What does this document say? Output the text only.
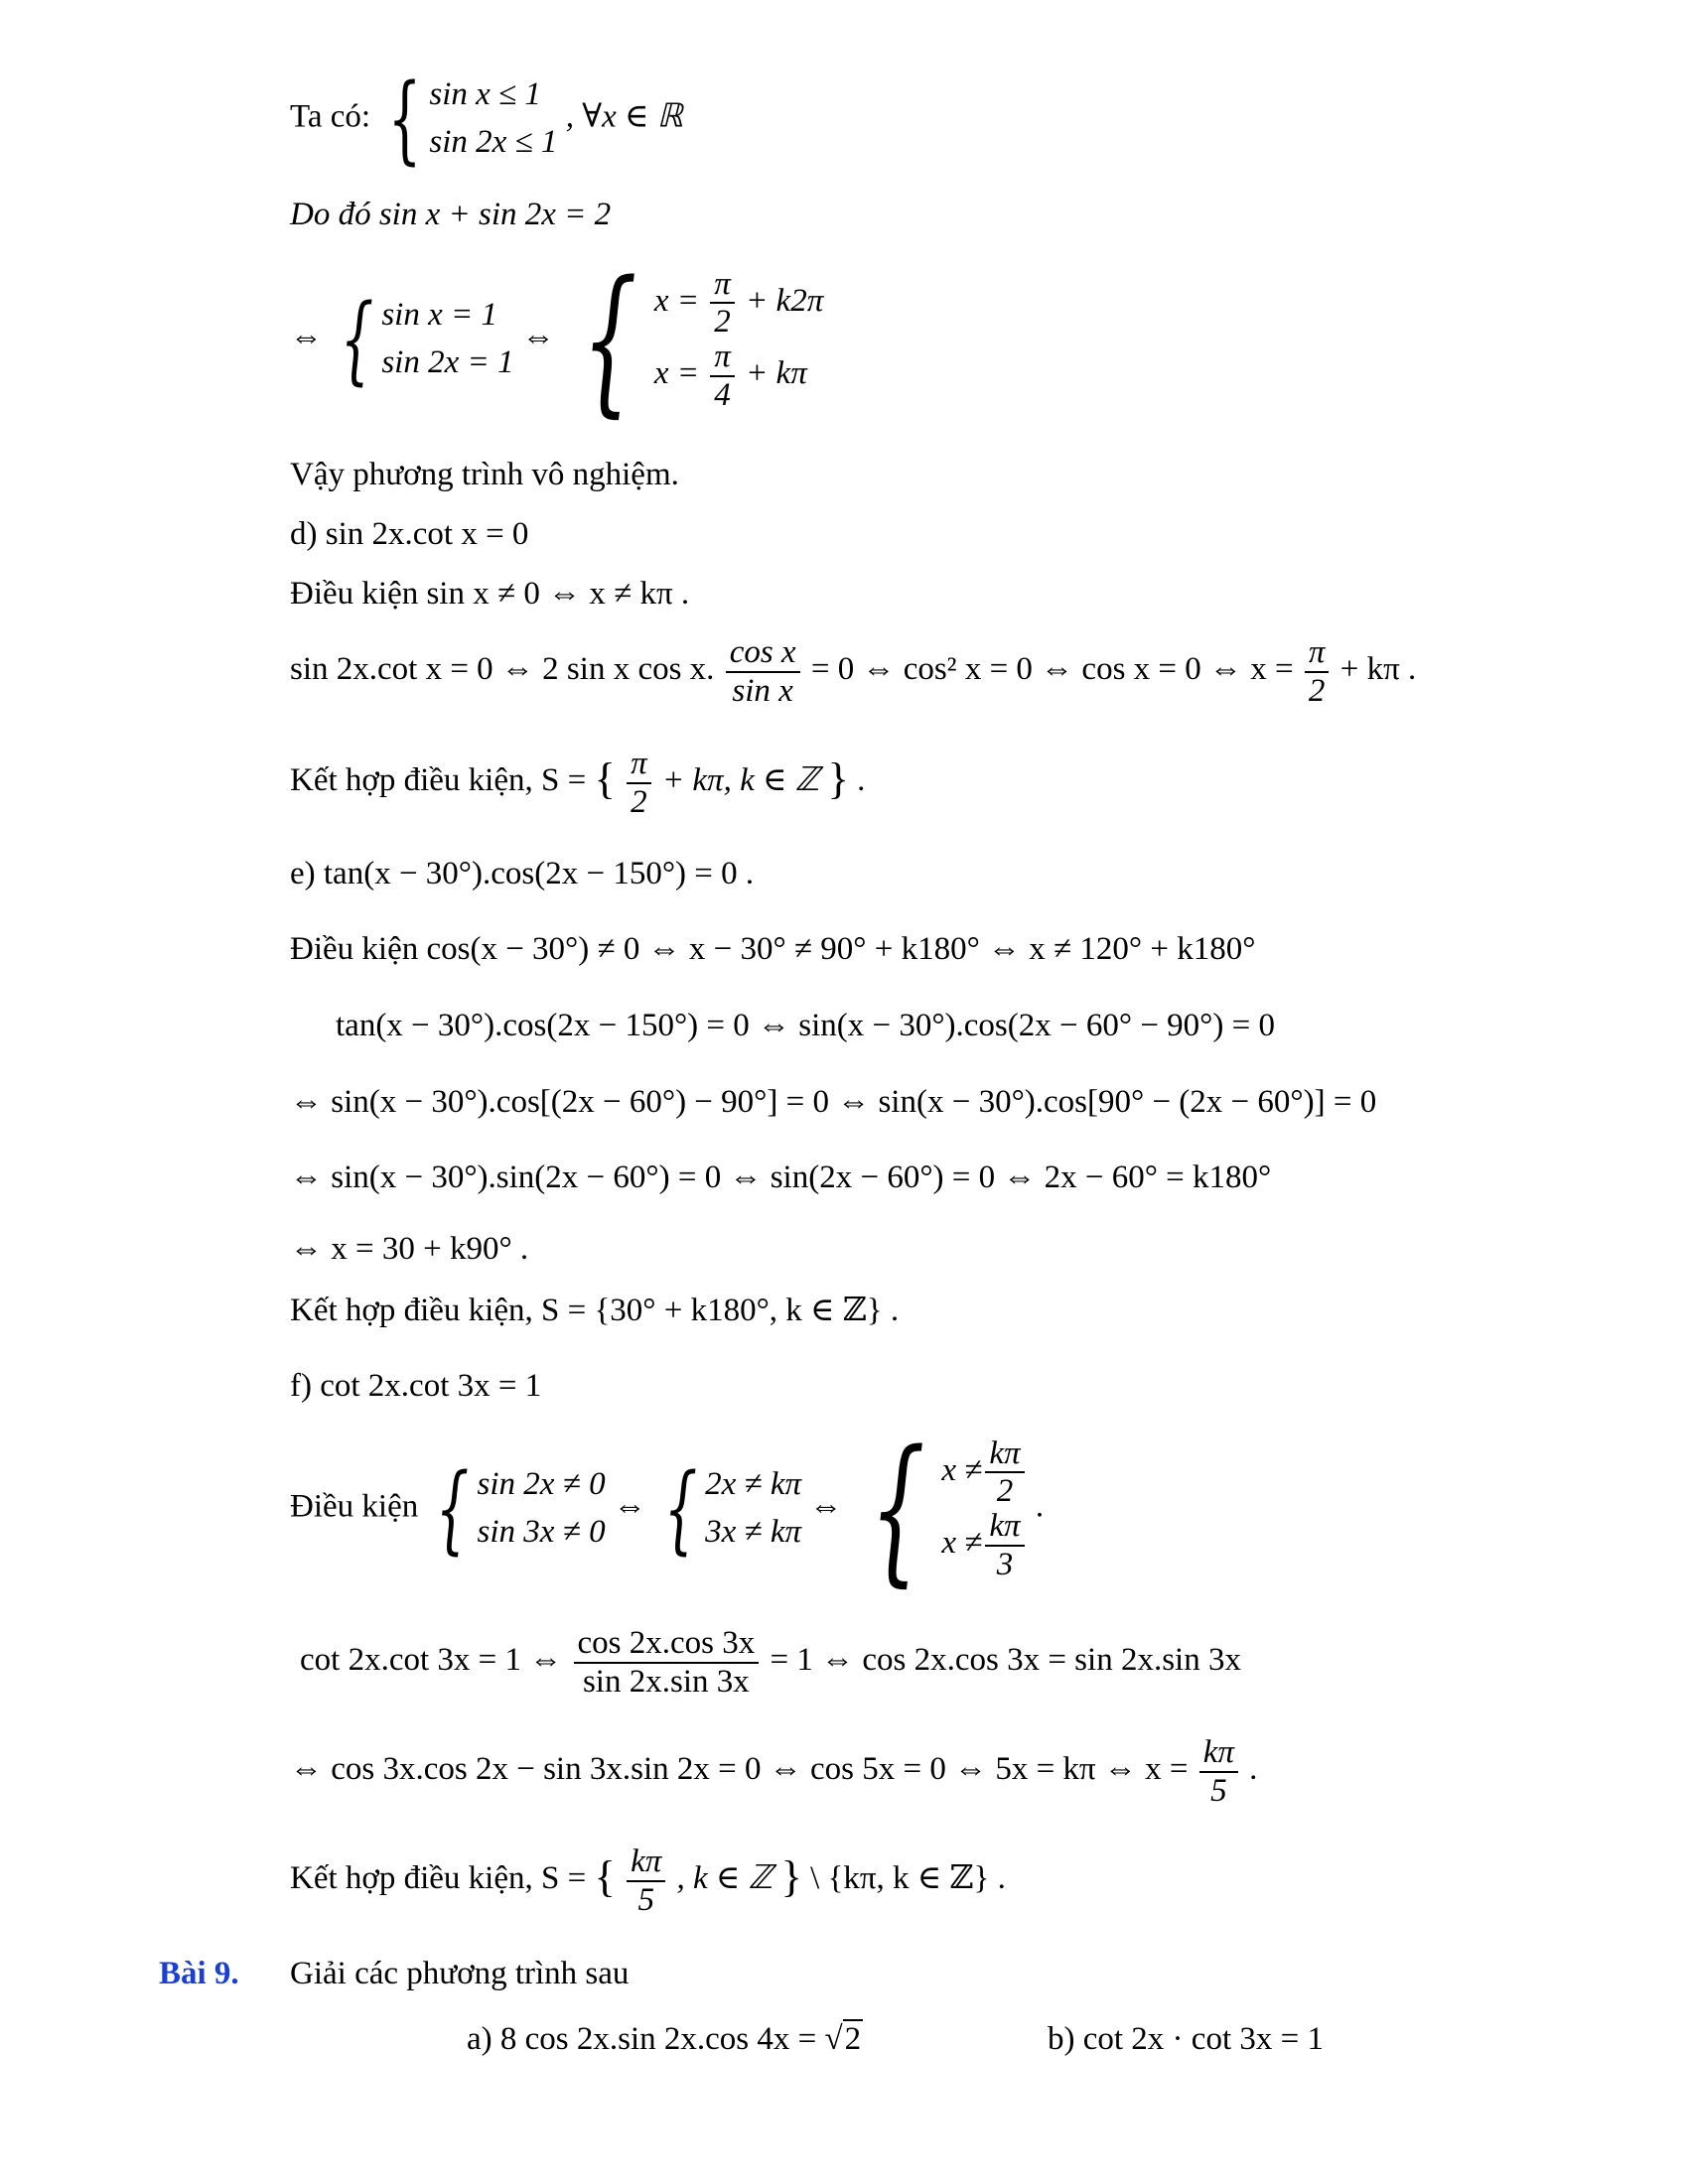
Ta có: { sin x ≤ 1
sin 2x ≤ 1
, ∀x ∈ ℝ
Do đó sin x + sin 2x = 2
⇔ { sin x = 1
sin 2x = 1
⇔ { $x = \frac{\pi}{2} + k2\pi$
$x = \frac{\pi}{4} + k\pi$
Vậy phương trình vô nghiệm.
d) sin 2x.cot x = 0
Điều kiện sin x ≠ 0 ⇔ x ≠ kπ .
sin 2x.cot x = 0 ⇔ 2 sin x cos x. $\frac{\text{cos x}}{\text{sin x}} = 0$ ⇔ cos² x = 0 ⇔ cos x = 0 ⇔ $x = \frac{\pi}{2} + k\pi$ .
Kết hợp điều kiện, S = { $\frac{\pi}{2} + k\pi$, k ∈ ℤ } .
e) tan(x − 30°).cos(2x − 150°) = 0 .
Điều kiện cos(x − 30°) ≠ 0 ⇔ x − 30° ≠ 90° + k180° ⇔ x ≠ 120° + k180°
tan(x − 30°).cos(2x − 150°) = 0 ⇔ sin(x − 30°).cos(2x − 60° − 90°) = 0
⇔ sin(x − 30°).cos[(2x − 60°) − 90°] = 0 ⇔ sin(x − 30°).cos[90° − (2x − 60°)] = 0
⇔ sin(x − 30°).sin(2x − 60°) = 0 ⇔ sin(2x − 60°) = 0 ⇔ 2x − 60° = k180°
⇔ x = 30 + k90° .
Kết hợp điều kiện, S = {30° + k180°, k ∈ ℤ} .
f) cot 2x.cot 3x = 1
Điều kiện { sin 2x ≠ 0
sin 3x ≠ 0
⇔ { 2x ≠ kπ
3x ≠ kπ
⇔ { $x \ne \frac{k\pi}{2}$
$x \ne \frac{k\pi}{3}$
.
cot 2x.cot 3x = 1 ⇔ $\frac{\cos 2x.\cos 3x}{\sin 2x.\sin 3x} = 1$ ⇔ cos 2x.cos 3x = sin 2x.sin 3x
⇔ cos 3x.cos 2x − sin 3x.sin 2x = 0 ⇔ cos 5x = 0 ⇔ 5x = kπ ⇔ $x = \frac{k\pi}{5}$ .
Kết hợp điều kiện, S = { $\frac{k\pi}{5}$ , k ∈ ℤ } \ {kπ, k ∈ ℤ} .
Bài 9. Giải các phương trình sau
a) 8 cos 2x.sin 2x.cos 4x = √2	b) cot 2x · cot 3x = 1
